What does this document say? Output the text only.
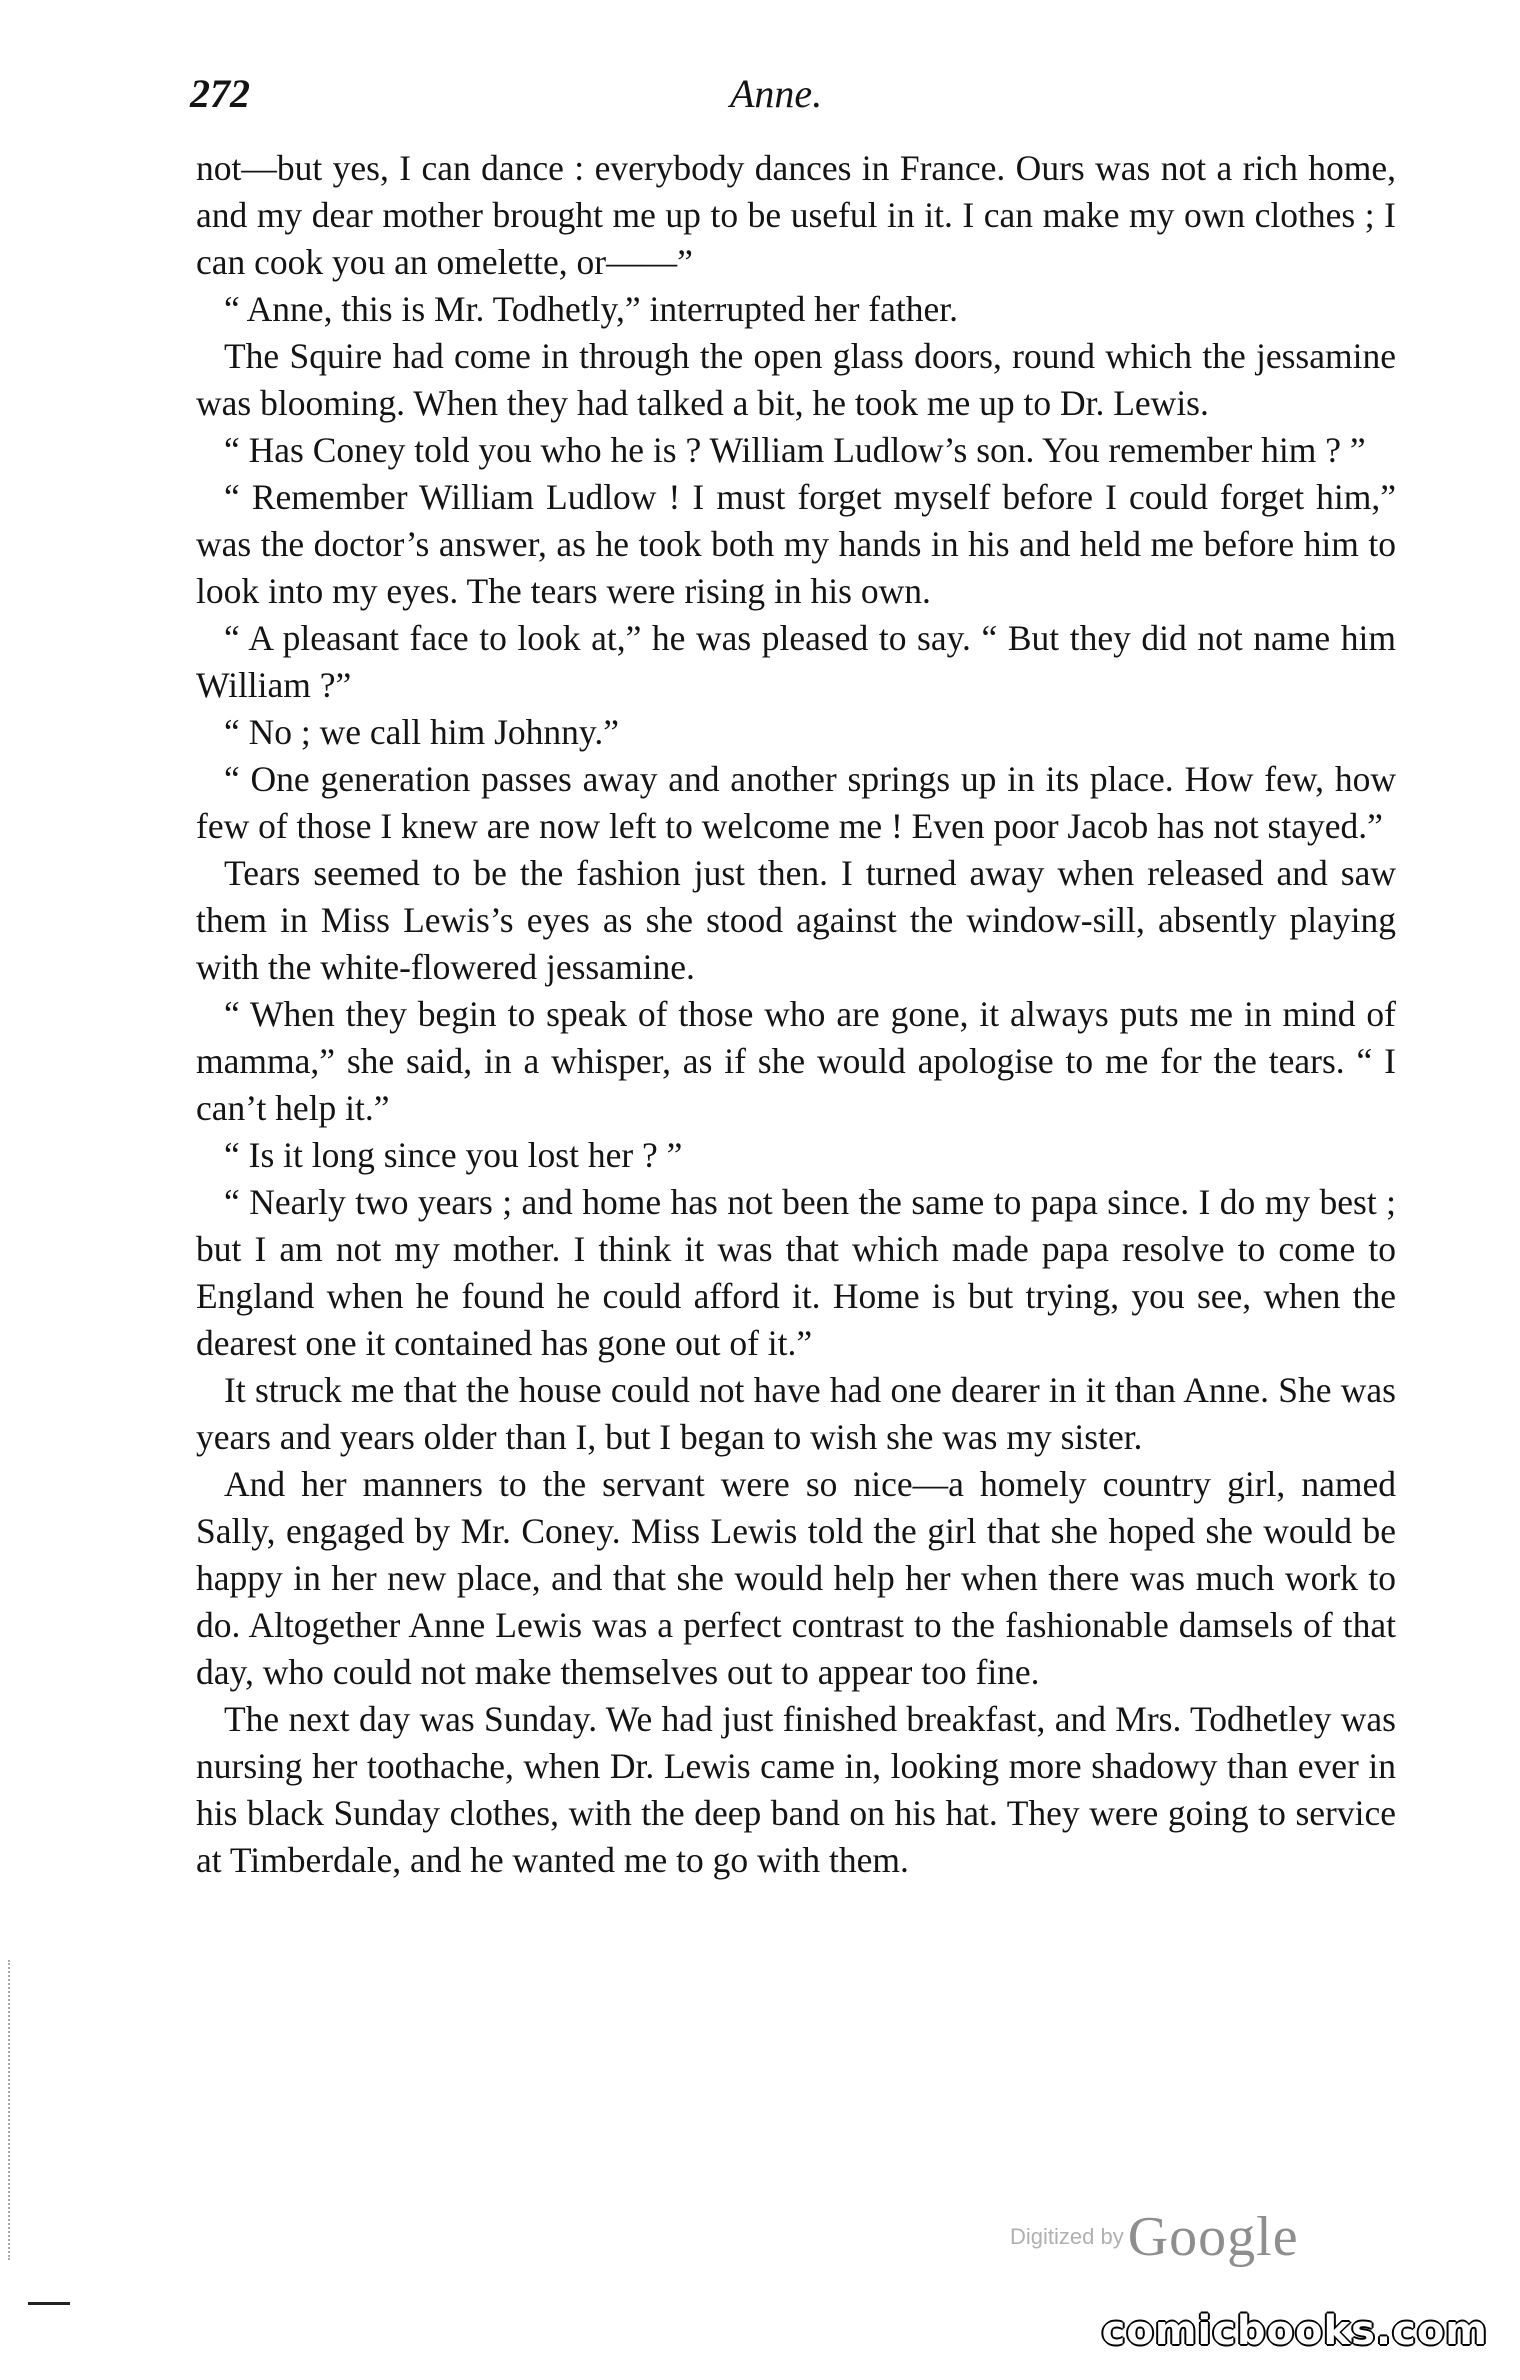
272	Anne.

not—but yes, I can dance : everybody dances in France. Ours was not a rich home, and my dear mother brought me up to be useful in it. I can make my own clothes ; I can cook you an omelette, or——”

“ Anne, this is Mr. Todhetly,” interrupted her father.

The Squire had come in through the open glass doors, round which the jessamine was blooming. When they had talked a bit, he took me up to Dr. Lewis.

“ Has Coney told you who he is ? William Ludlow’s son. You remember him ? ”

“ Remember William Ludlow ! I must forget myself before I could forget him,” was the doctor’s answer, as he took both my hands in his and held me before him to look into my eyes. The tears were rising in his own.

“ A pleasant face to look at,” he was pleased to say. “ But they did not name him William ?”

“ No ; we call him Johnny.”

“ One generation passes away and another springs up in its place. How few, how few of those I knew are now left to welcome me ! Even poor Jacob has not stayed.”

Tears seemed to be the fashion just then. I turned away when released and saw them in Miss Lewis’s eyes as she stood against the window-sill, absently playing with the white-flowered jessamine.

“ When they begin to speak of those who are gone, it always puts me in mind of mamma,” she said, in a whisper, as if she would apologise to me for the tears. “ I can’t help it.”

“ Is it long since you lost her ? ”

“ Nearly two years ; and home has not been the same to papa since. I do my best ; but I am not my mother. I think it was that which made papa resolve to come to England when he found he could afford it. Home is but trying, you see, when the dearest one it contained has gone out of it.”

It struck me that the house could not have had one dearer in it than Anne. She was years and years older than I, but I began to wish she was my sister.

And her manners to the servant were so nice—a homely country girl, named Sally, engaged by Mr. Coney. Miss Lewis told the girl that she hoped she would be happy in her new place, and that she would help her when there was much work to do. Altogether Anne Lewis was a perfect contrast to the fashionable damsels of that day, who could not make themselves out to appear too fine.

The next day was Sunday. We had just finished breakfast, and Mrs. Todhetley was nursing her toothache, when Dr. Lewis came in, looking more shadowy than ever in his black Sunday clothes, with the deep band on his hat. They were going to service at Timberdale, and he wanted me to go with them.

Digitized by Google
comicbooks.com
